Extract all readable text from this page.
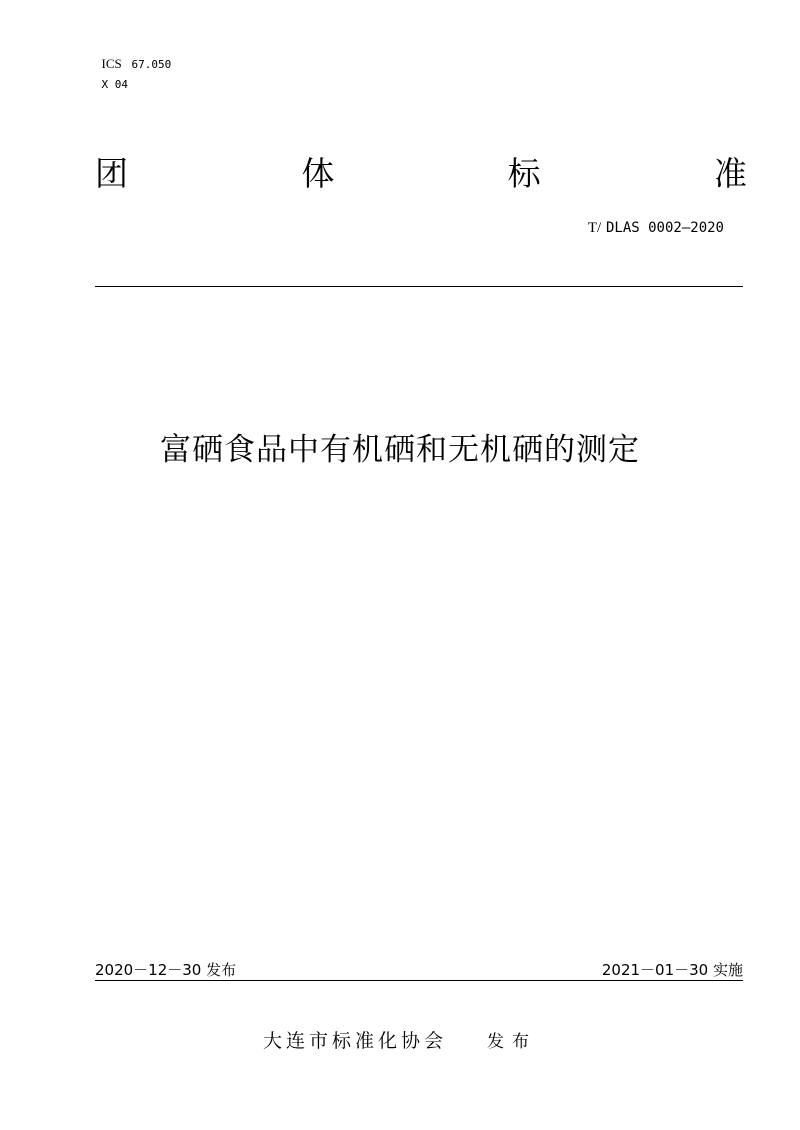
ICS 67.050

X 04

团	体	标	准
T/ DLAS 0002—2020
富硒食品中有机硒和无机硒的测定
2020－12－30 发布	2021－01－30 实施
大连市标准化协会 发布
